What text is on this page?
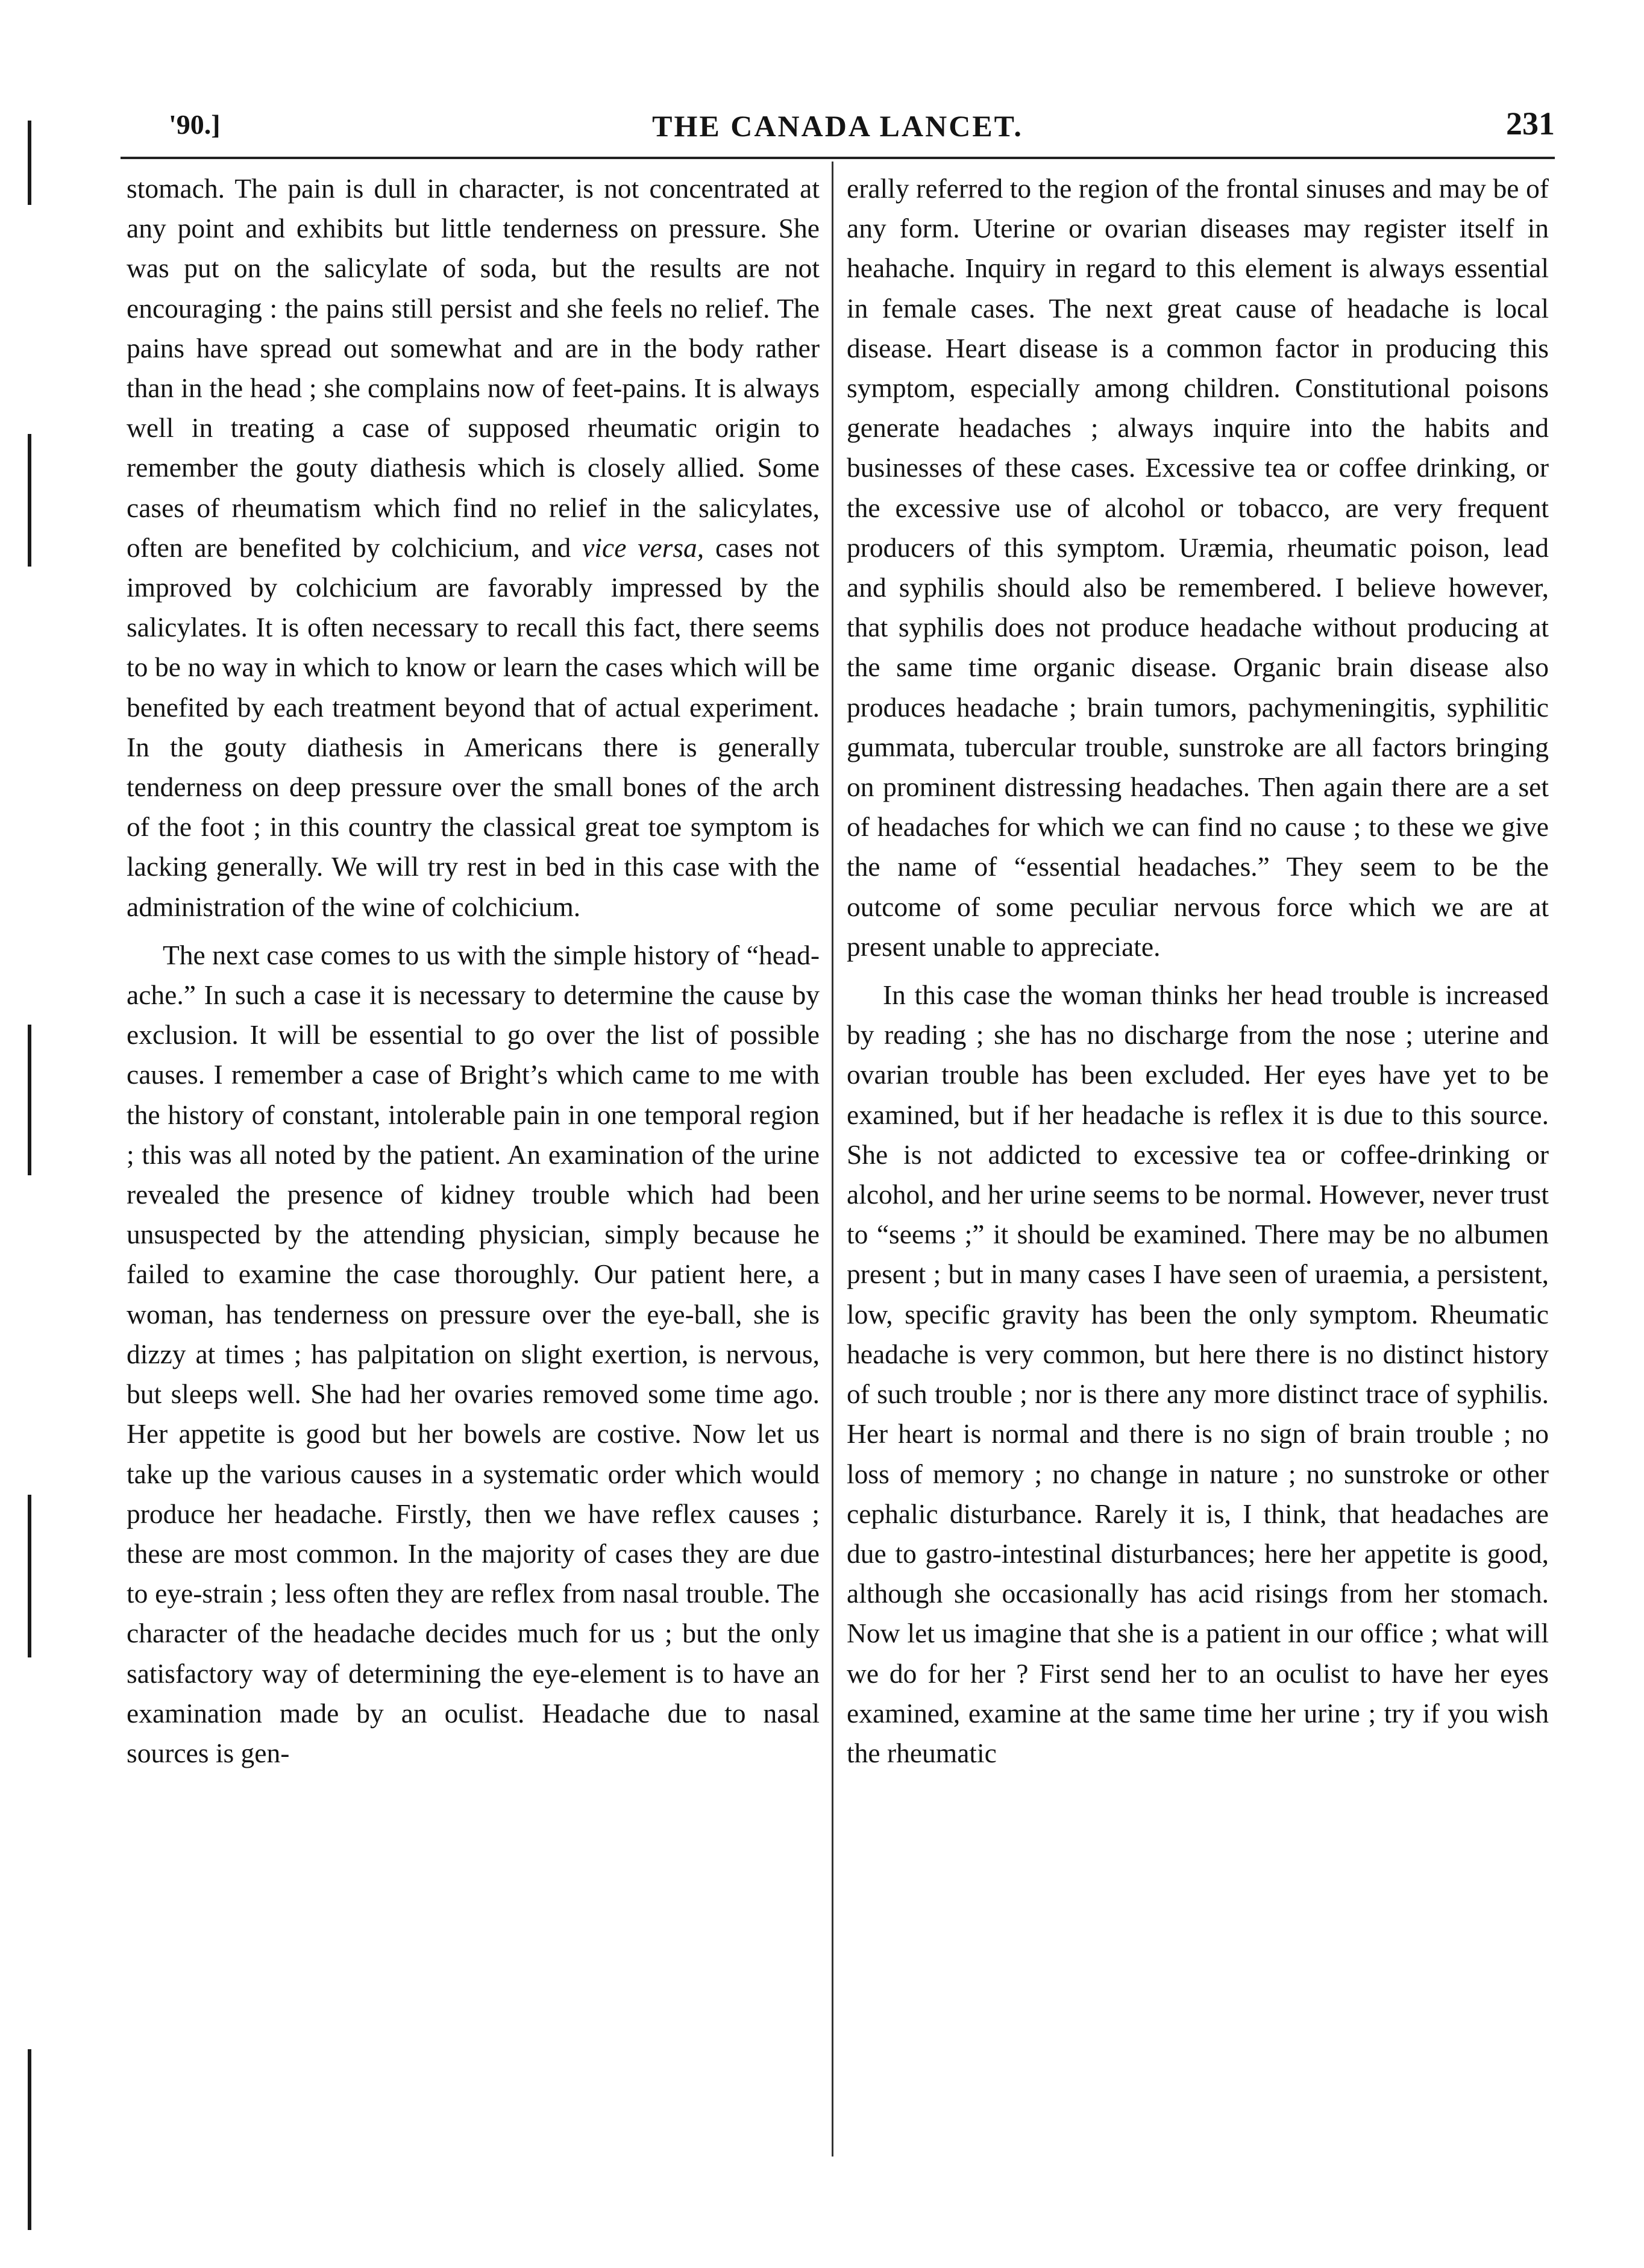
'90.]	THE CANADA LANCET.	231

stomach. The pain is dull in character, is not concentrated at any point and exhibits but little tenderness on pressure. She was put on the salicylate of soda, but the results are not encouraging : the pains still persist and she feels no relief. The pains have spread out somewhat and are in the body rather than in the head ; she complains now of feet-pains. It is always well in treating a case of supposed rheumatic origin to remember the gouty diathesis which is closely allied. Some cases of rheumatism which find no relief in the salicylates, often are benefited by colchicium, and vice versa, cases not improved by colchicium are favorably impressed by the salicylates. It is often necessary to recall this fact, there seems to be no way in which to know or learn the cases which will be benefited by each treatment beyond that of actual experiment. In the gouty diathesis in Americans there is generally tenderness on deep pressure over the small bones of the arch of the foot ; in this country the classical great toe symptom is lacking generally. We will try rest in bed in this case with the administration of the wine of colchicium.

The next case comes to us with the simple history of “head-ache.” In such a case it is necessary to determine the cause by exclusion. It will be essential to go over the list of possible causes. I remember a case of Bright’s which came to me with the history of constant, intolerable pain in one temporal region ; this was all noted by the patient. An examination of the urine revealed the presence of kidney trouble which had been unsuspected by the attending physician, simply because he failed to examine the case thoroughly. Our patient here, a woman, has tenderness on pressure over the eye-ball, she is dizzy at times ; has palpitation on slight exertion, is nervous, but sleeps well. She had her ovaries removed some time ago. Her appetite is good but her bowels are costive. Now let us take up the various causes in a systematic order which would produce her headache. Firstly, then we have reflex causes ; these are most common. In the majority of cases they are due to eye-strain ; less often they are reflex from nasal trouble. The character of the headache decides much for us ; but the only satisfactory way of determining the eye-element is to have an examination made by an oculist. Headache due to nasal sources is gen-

erally referred to the region of the frontal sinuses and may be of any form. Uterine or ovarian diseases may register itself in heahache. Inquiry in regard to this element is always essential in female cases. The next great cause of headache is local disease. Heart disease is a common factor in producing this symptom, especially among children. Constitutional poisons generate headaches ; always inquire into the habits and businesses of these cases. Excessive tea or coffee drinking, or the excessive use of alcohol or tobacco, are very frequent producers of this symptom. Uræmia, rheumatic poison, lead and syphilis should also be remembered. I believe however, that syphilis does not produce headache without producing at the same time organic disease. Organic brain disease also produces headache ; brain tumors, pachymeningitis, syphilitic gummata, tubercular trouble, sunstroke are all factors bringing on prominent distressing headaches. Then again there are a set of headaches for which we can find no cause ; to these we give the name of “essential headaches.” They seem to be the outcome of some peculiar nervous force which we are at present unable to appreciate.

In this case the woman thinks her head trouble is increased by reading ; she has no discharge from the nose ; uterine and ovarian trouble has been excluded. Her eyes have yet to be examined, but if her headache is reflex it is due to this source. She is not addicted to excessive tea or coffee-drinking or alcohol, and her urine seems to be normal. However, never trust to “seems ;” it should be examined. There may be no albumen present ; but in many cases I have seen of uraemia, a persistent, low, specific gravity has been the only symptom. Rheumatic headache is very common, but here there is no distinct history of such trouble ; nor is there any more distinct trace of syphilis. Her heart is normal and there is no sign of brain trouble ; no loss of memory ; no change in nature ; no sunstroke or other cephalic disturbance. Rarely it is, I think, that headaches are due to gastro-intestinal disturbances; here her appetite is good, although she occasionally has acid risings from her stomach. Now let us imagine that she is a patient in our office ; what will we do for her ? First send her to an oculist to have her eyes examined, examine at the same time her urine ; try if you wish the rheumatic
